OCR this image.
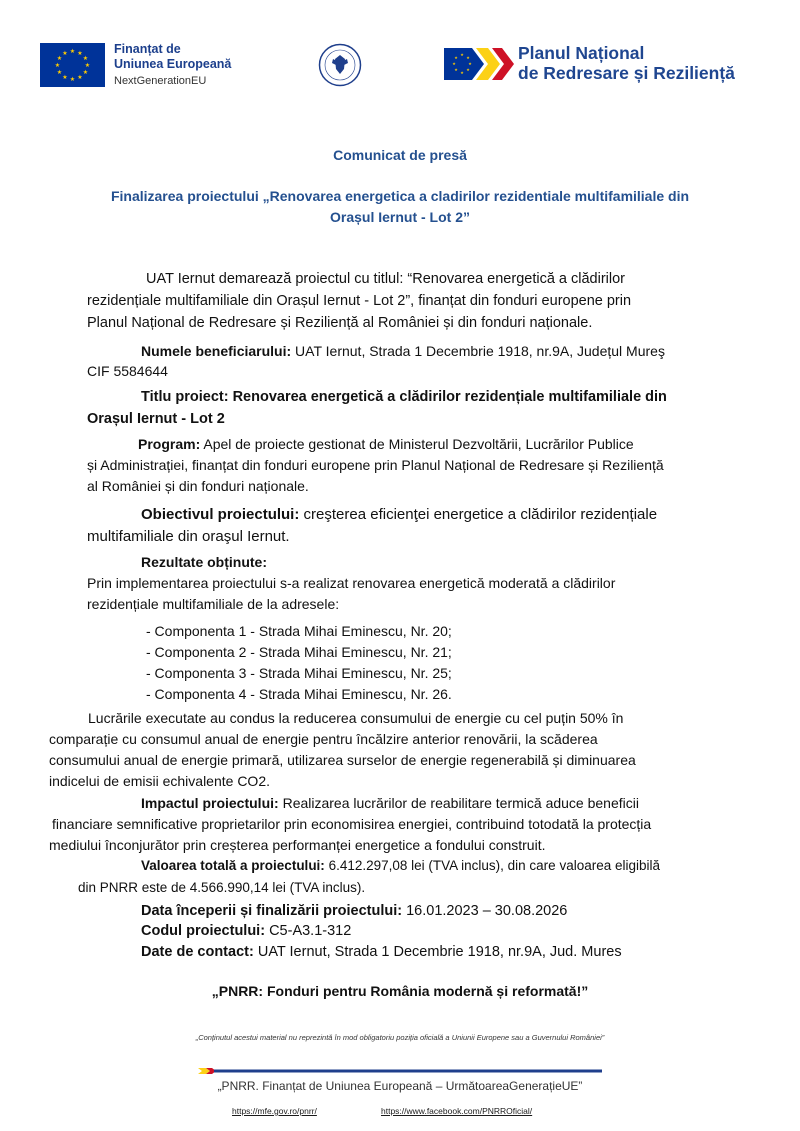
★ ★
★
★
★
★
★
★
★
★
★
★	Finanțat de
Uniunea Europeană
NextGenerationEU
★
★
★
★
★
★
★
★	Planul Național
de Redresare și Reziliență
Comunicat de presă
Finalizarea proiectului „Renovarea energetica a cladirilor rezidentiale multifamiliale din
Orașul Iernut - Lot 2”
UAT Iernut demarează proiectul cu titlul: “Renovarea energetică a clădirilor
rezidențiale multifamiliale din Orașul Iernut - Lot 2”, finanțat din fonduri europene prin
Planul Național de Redresare și Reziliență al României și din fonduri naționale.
Numele beneficiarului: UAT Iernut, Strada 1 Decembrie 1918, nr.9A, Județul Mureş
CIF 5584644
Titlu proiect: Renovarea energetică a clădirilor rezidențiale multifamiliale din
Orașul Iernut - Lot 2
Program: Apel de proiecte gestionat de Ministerul Dezvoltării, Lucrărilor Publice
și Administrației, finanțat din fonduri europene prin Planul Național de Redresare și Reziliență
al României și din fonduri naționale.
Obiectivul proiectului: creşterea eficienţei energetice a clădirilor rezidențiale
multifamiliale din oraşul Iernut.
Rezultate obținute:
Prin implementarea proiectului s-a realizat renovarea energetică moderată a clădirilor
rezidențiale multifamiliale de la adresele:
- Componenta 1 - Strada Mihai Eminescu, Nr. 20;
- Componenta 2 - Strada Mihai Eminescu, Nr. 21;
- Componenta 3 - Strada Mihai Eminescu, Nr. 25;
- Componenta 4 - Strada Mihai Eminescu, Nr. 26.
Lucrările executate au condus la reducerea consumului de energie cu cel puțin 50% în
comparație cu consumul anual de energie pentru încălzire anterior renovării, la scăderea
consumului anual de energie primară, utilizarea surselor de energie regenerabilă și diminuarea
indicelui de emisii echivalente CO2.
Impactul proiectului: Realizarea lucrărilor de reabilitare termică aduce beneficii
financiare semnificative proprietarilor prin economisirea energiei, contribuind totodată la protecția
mediului înconjurător prin creșterea performanței energetice a fondului construit.
Valoarea totală a proiectului: 6.412.297,08 lei (TVA inclus), din care valoarea eligibilă
din PNRR este de 4.566.990,14 lei (TVA inclus).
Data începerii și finalizării proiectului: 16.01.2023 – 30.08.2026
Codul proiectului: C5-A3.1-312
Date de contact: UAT Iernut, Strada 1 Decembrie 1918, nr.9A, Jud. Mures
„PNRR: Fonduri pentru România modernă și reformată!”
„Conținutul acestui material nu reprezintă în mod obligatoriu poziția oficială a Uniunii Europene sau a Guvernului României”
„PNRR. Finanțat de Uniunea Europeană – UrmătoareaGenerațieUE”
https://mfe.gov.ro/pnrr/	https://www.facebook.com/PNRROficial/
